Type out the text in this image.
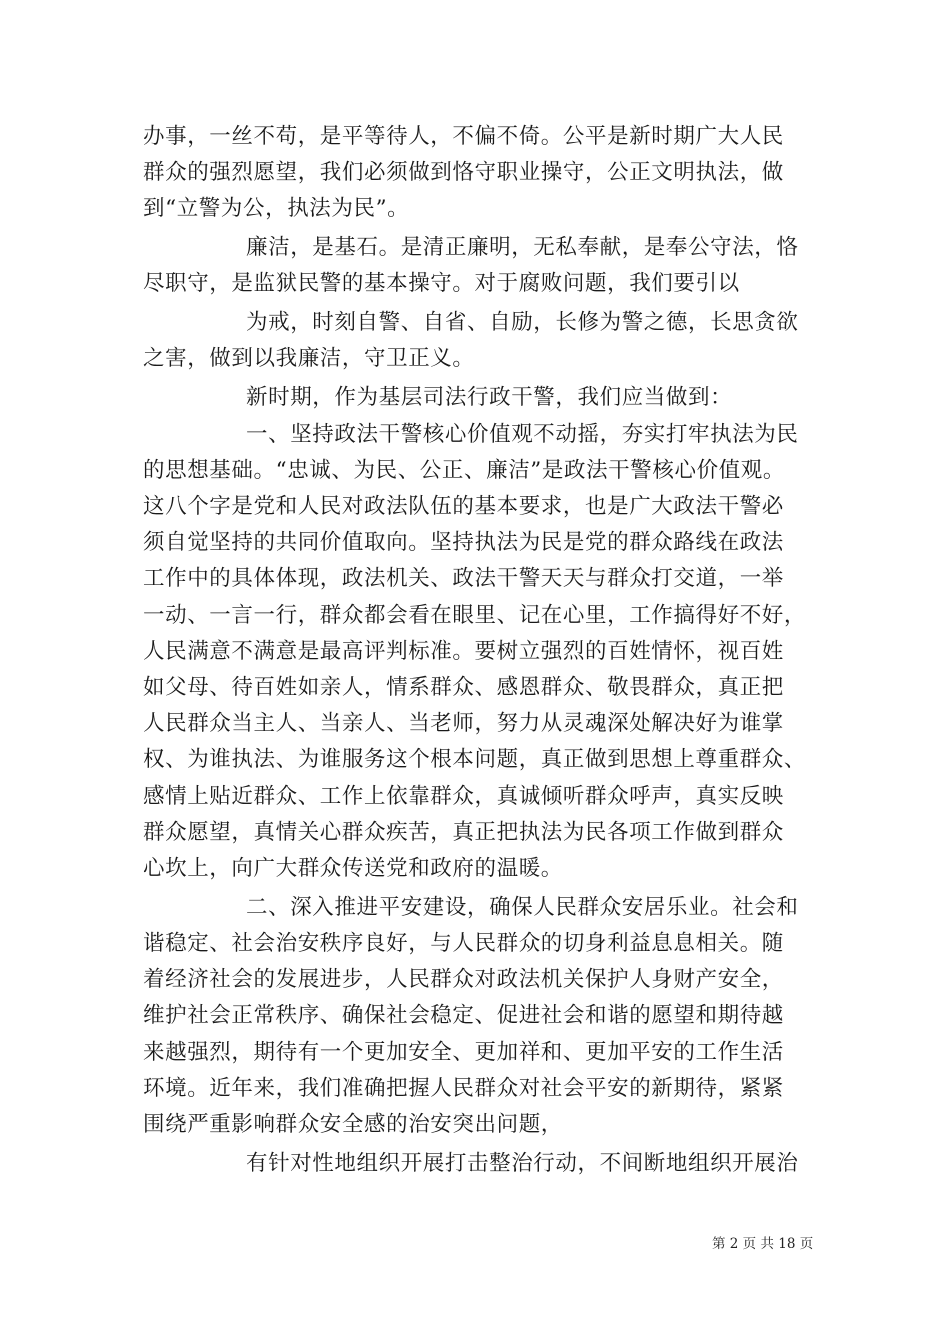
办事，一丝不苟，是平等待人，不偏不倚。公平是新时期广大人民
群众的强烈愿望，我们必须做到恪守职业操守，公正文明执法，做
到“立警为公，执法为民”。
廉洁，是基石。是清正廉明，无私奉献，是奉公守法，恪
尽职守，是监狱民警的基本操守。对于腐败问题，我们要引以
为戒，时刻自警、自省、自励，长修为警之德，长思贪欲
之害，做到以我廉洁，守卫正义。
新时期，作为基层司法行政干警，我们应当做到：
一、坚持政法干警核心价值观不动摇，夯实打牢执法为民
的思想基础。“忠诚、为民、公正、廉洁”是政法干警核心价值观。
这八个字是党和人民对政法队伍的基本要求，也是广大政法干警必
须自觉坚持的共同价值取向。坚持执法为民是党的群众路线在政法
工作中的具体体现，政法机关、政法干警天天与群众打交道，一举
一动、一言一行，群众都会看在眼里、记在心里，工作搞得好不好，
人民满意不满意是最高评判标准。要树立强烈的百姓情怀，视百姓
如父母、待百姓如亲人，情系群众、感恩群众、敬畏群众，真正把
人民群众当主人、当亲人、当老师，努力从灵魂深处解决好为谁掌
权、为谁执法、为谁服务这个根本问题，真正做到思想上尊重群众、
感情上贴近群众、工作上依靠群众，真诚倾听群众呼声，真实反映
群众愿望，真情关心群众疾苦，真正把执法为民各项工作做到群众
心坎上，向广大群众传送党和政府的温暖。
二、深入推进平安建设，确保人民群众安居乐业。社会和
谐稳定、社会治安秩序良好，与人民群众的切身利益息息相关。随
着经济社会的发展进步，人民群众对政法机关保护人身财产安全，
维护社会正常秩序、确保社会稳定、促进社会和谐的愿望和期待越
来越强烈，期待有一个更加安全、更加祥和、更加平安的工作生活
环境。近年来，我们准确把握人民群众对社会平安的新期待，紧紧
围绕严重影响群众安全感的治安突出问题，
有针对性地组织开展打击整治行动，不间断地组织开展治
第 2 页 共 18 页
